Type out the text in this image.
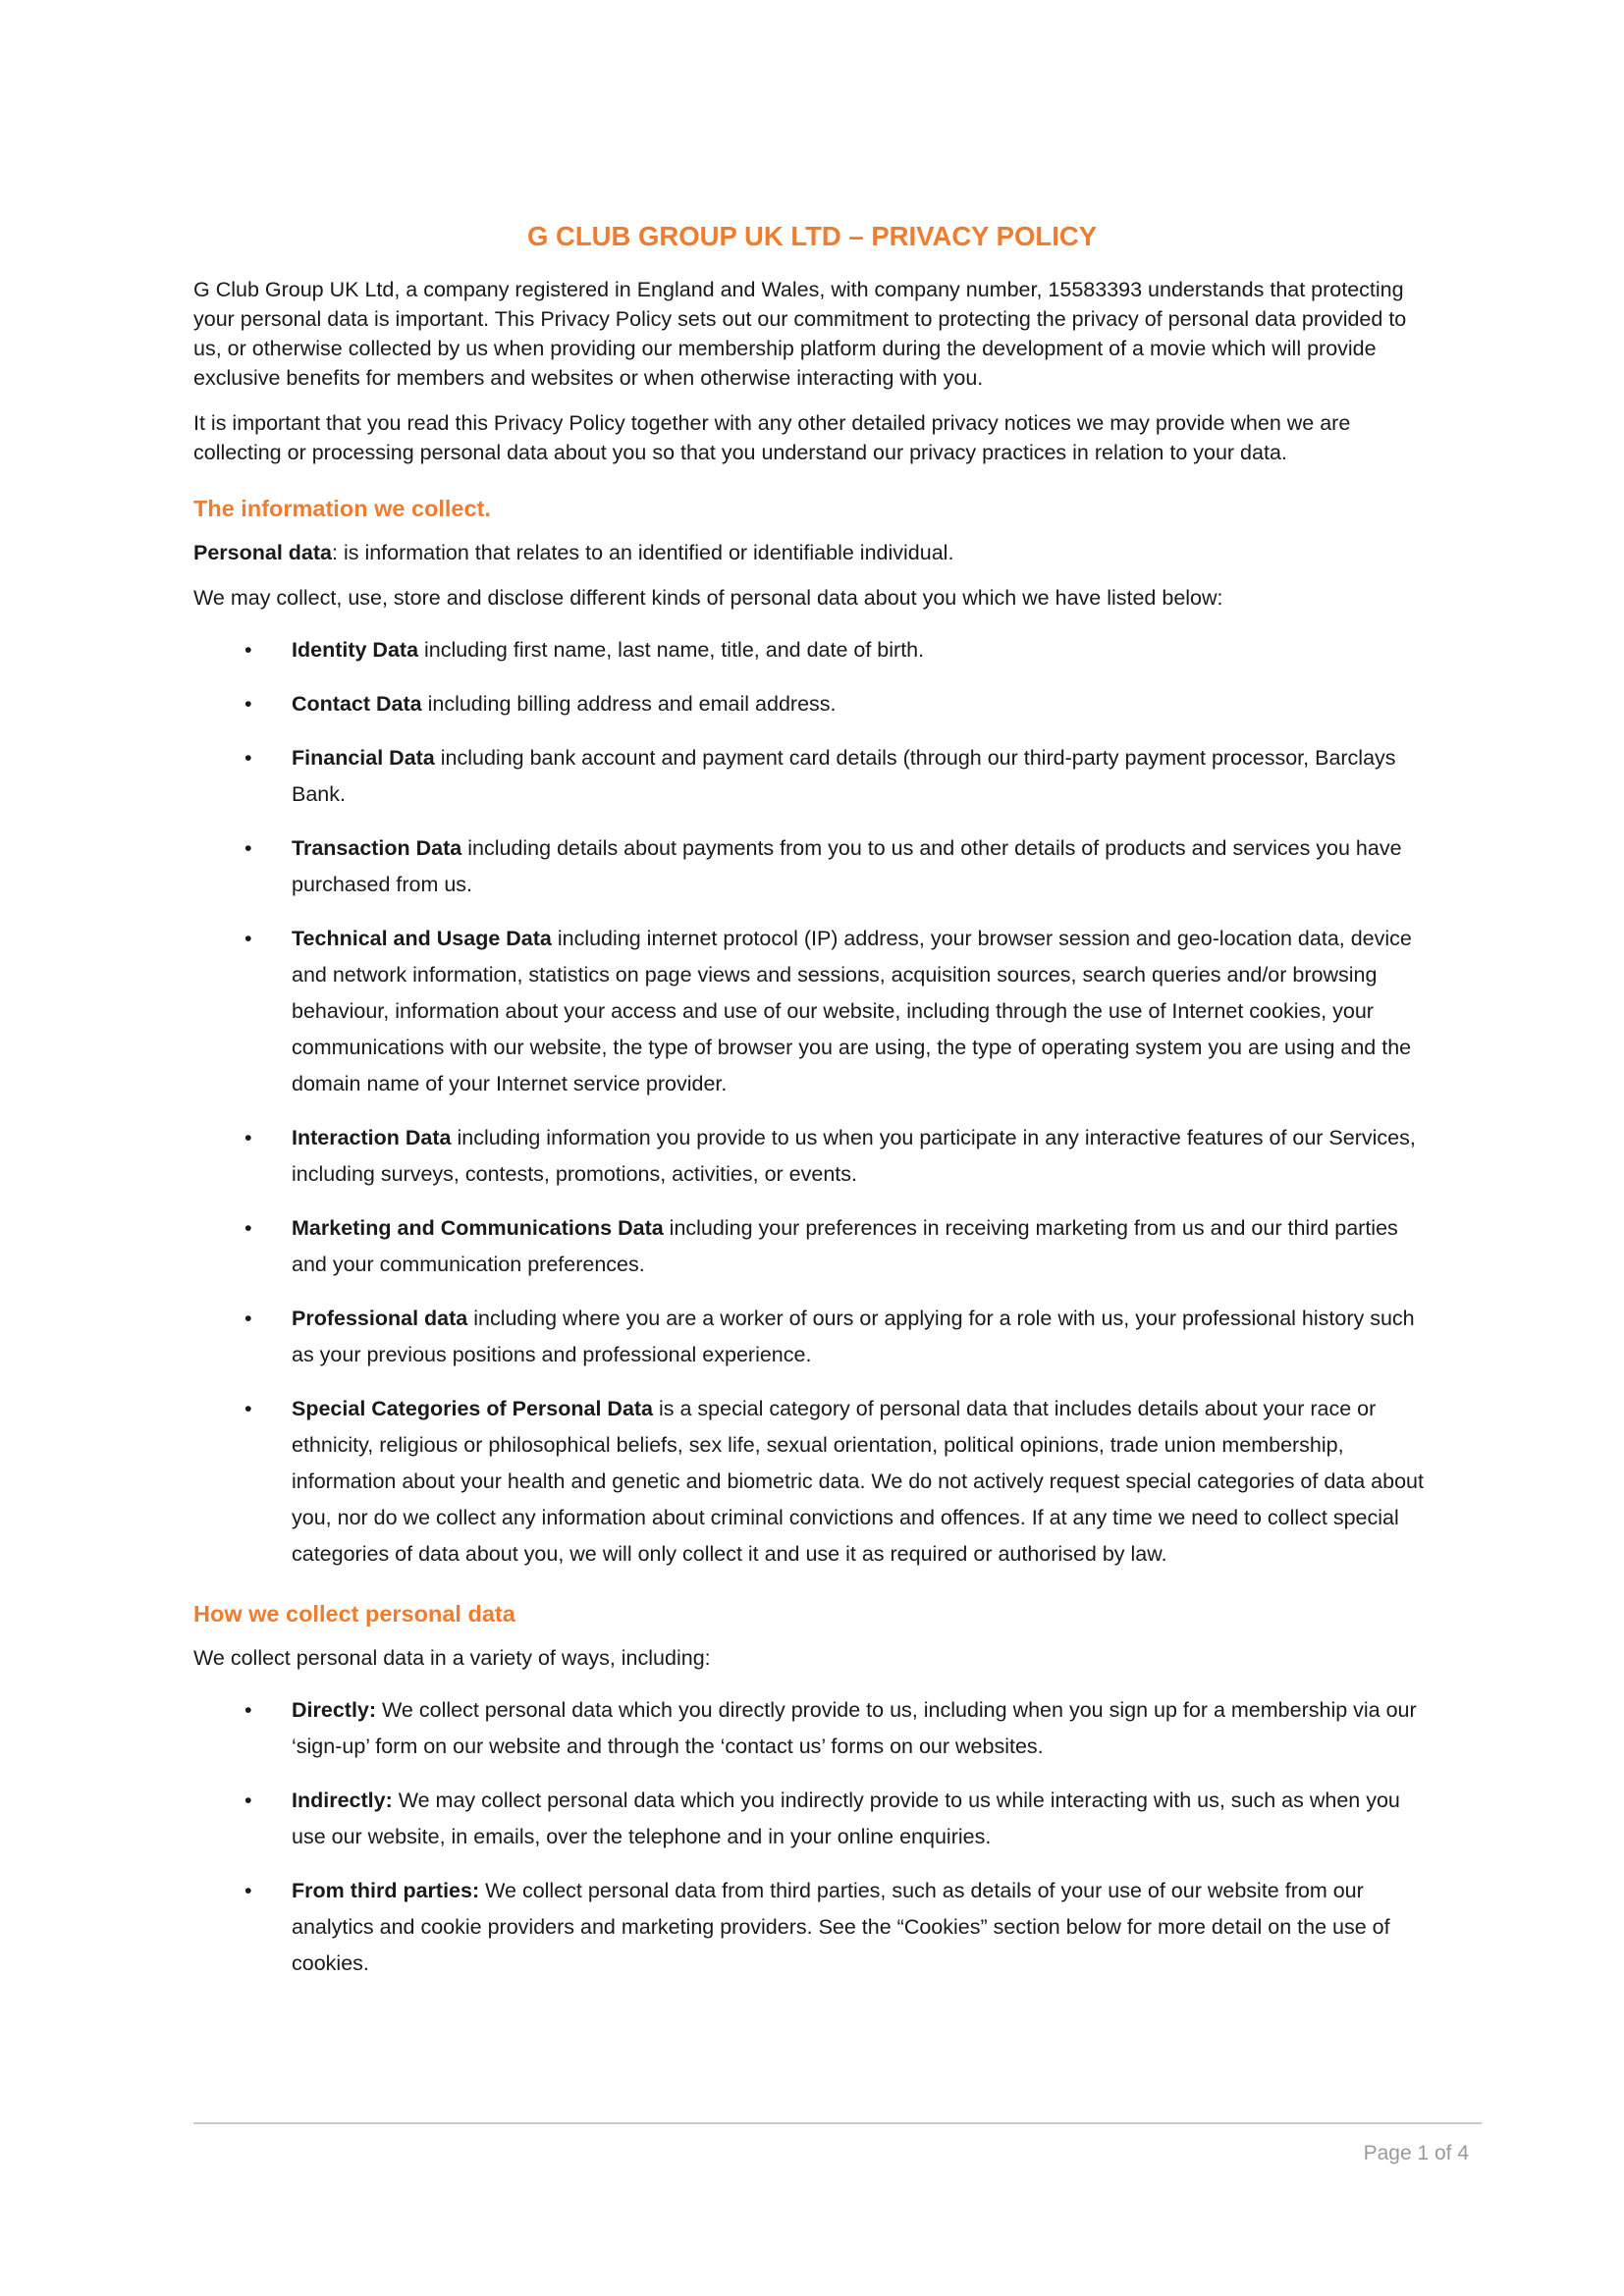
G CLUB GROUP UK LTD – PRIVACY POLICY

G Club Group UK Ltd, a company registered in England and Wales, with company number, 15583393 understands that protecting your personal data is important. This Privacy Policy sets out our commitment to protecting the privacy of personal data provided to us, or otherwise collected by us when providing our membership platform during the development of a movie which will provide exclusive benefits for members and websites or when otherwise interacting with you.

It is important that you read this Privacy Policy together with any other detailed privacy notices we may provide when we are collecting or processing personal data about you so that you understand our privacy practices in relation to your data.

The information we collect.

Personal data: is information that relates to an identified or identifiable individual.

We may collect, use, store and disclose different kinds of personal data about you which we have listed below:

• Identity Data including first name, last name, title, and date of birth.
• Contact Data including billing address and email address.
• Financial Data including bank account and payment card details (through our third-party payment processor, Barclays Bank.
• Transaction Data including details about payments from you to us and other details of products and services you have purchased from us.
• Technical and Usage Data including internet protocol (IP) address, your browser session and geo-location data, device and network information, statistics on page views and sessions, acquisition sources, search queries and/or browsing behaviour, information about your access and use of our website, including through the use of Internet cookies, your communications with our website, the type of browser you are using, the type of operating system you are using and the domain name of your Internet service provider.
• Interaction Data including information you provide to us when you participate in any interactive features of our Services, including surveys, contests, promotions, activities, or events.
• Marketing and Communications Data including your preferences in receiving marketing from us and our third parties and your communication preferences.
• Professional data including where you are a worker of ours or applying for a role with us, your professional history such as your previous positions and professional experience.
• Special Categories of Personal Data is a special category of personal data that includes details about your race or ethnicity, religious or philosophical beliefs, sex life, sexual orientation, political opinions, trade union membership, information about your health and genetic and biometric data. We do not actively request special categories of data about you, nor do we collect any information about criminal convictions and offences. If at any time we need to collect special categories of data about you, we will only collect it and use it as required or authorised by law.
How we collect personal data

We collect personal data in a variety of ways, including:

• Directly: We collect personal data which you directly provide to us, including when you sign up for a membership via our ‘sign-up’ form on our website and through the ‘contact us’ forms on our websites.
• Indirectly: We may collect personal data which you indirectly provide to us while interacting with us, such as when you use our website, in emails, over the telephone and in your online enquiries.
• From third parties: We collect personal data from third parties, such as details of your use of our website from our analytics and cookie providers and marketing providers. See the “Cookies” section below for more detail on the use of cookies.
Page 1 of 4
